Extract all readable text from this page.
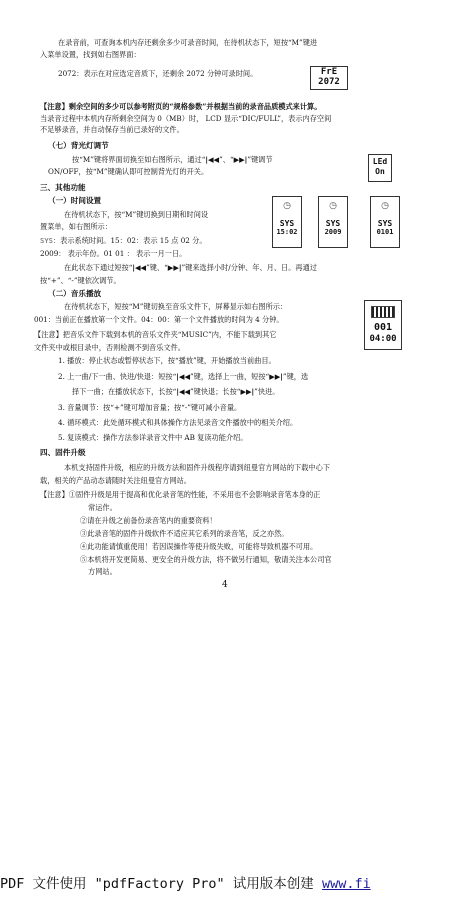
在录音前，可查询本机内存还剩余多少可录音时间，在待机状态下，短按“M”键进
入菜单设置，找到如右图界面：
2072：表示在对应选定音质下，还剩余 2072 分钟可录时间。	FrE
2072
【注意】剩余空间的多少可以参考附页的“规格参数”并根据当前的录音品质模式来计算。
当录音过程中本机内存所剩余空间为 0（MB）时， LCD 显示“DIC/FULL”，表示内存空间
不足够录音，并自动保存当前已录好的文件。
（七）背光灯调节
按“M”键将界面切换至如右图所示，通过“|◀◀”、“▶▶|”键调节
ON/OFF，按“M”键确认即可控制背光灯的开关。
LEd
On
三、其他功能
（一）时间设置
在待机状态下，按“M”键切换到日期和时间设
置菜单，如右图所示：
SYS：表示系统时间。15：02：表示 15 点 02 分。
2009： 表示年份。01 01 ： 表示一月一日。
在此状态下通过短按“|◀◀”键、“▶▶|”键来选择小时/分钟、年、月、日。再通过
按“+”、“-”键依次调节。
◷
SYS
15:02
◷
SYS
2009
◷
SYS
0101
（二）音乐播放
在待机状态下，短按“M”键切换至音乐文件下，屏幕显示如右图所示：
001：当前正在播放第一个文件。04：00：第一个文件播放的时间为 4 分钟。
【注意】把音乐文件下载到本机的音乐文件夹“MUSIC”内，不能下载到其它
文件夹中或根目录中，否则检测不到音乐文件。
001
04:00
1. 播放：停止状态或暂停状态下，按“播放”键，开始播放当前曲目。
2. 上一曲/下一曲、快进/快退：短按“|◀◀”键，选择上一曲，短按“▶▶|”键，选
择下一曲；在播放状态下，长按“|◀◀”键快退；长按“▶▶|”快进。
3. 音量调节：按“+”键可增加音量；按“-”键可减小音量。
4. 循环模式：此处循环模式和具体操作方法见录音文件播放中的相关介绍。
5. 复读模式：操作方法参详录音文件中 AB 复读功能介绍。
四、固件升级
本机支持固件升级，相应的升级方法和固件升级程序请到纽曼官方网站的下载中心下
载，相关的产品动态请随时关注纽曼官方网站。
【注意】①固件升级是用于提高和优化录音笔的性能，不采用也不会影响录音笔本身的正
常运作。
②请在升级之前备份录音笔内的重要资料！
③此录音笔的固件升级软件不适应其它系列的录音笔，反之亦然。
④此功能请慎重使用！若因误操作等使升级失败，可能将导致机器不可用。
⑤本机将开发更简易、更安全的升级方法，将不做另行通知，敬请关注本公司官
方网站。
4
PDF 文件使用 "pdfFactory Pro" 试用版本创建 www.fi
